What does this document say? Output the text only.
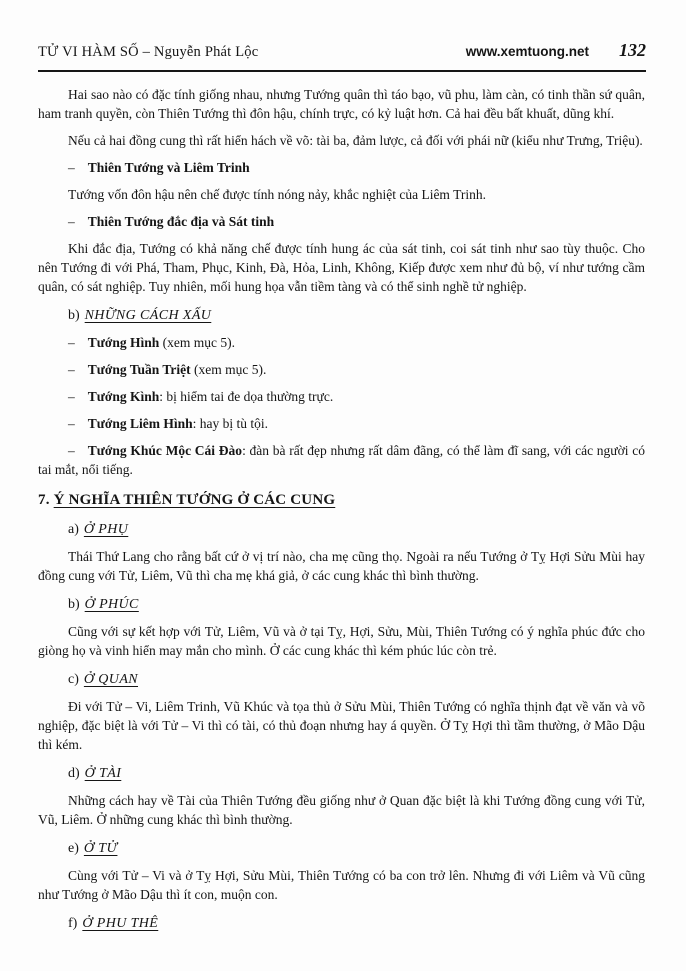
TỬ VI HÀM SỐ – Nguyễn Phát Lộc	www.xemtuong.net 132

Hai sao nào có đặc tính giống nhau, nhưng Tướng quân thì táo bạo, vũ phu, làm càn, có tinh thần sứ quân, ham tranh quyền, còn Thiên Tướng thì đôn hậu, chính trực, có kỷ luật hơn. Cả hai đều bất khuất, dũng khí.

Nếu cả hai đồng cung thì rất hiển hách về võ: tài ba, đảm lược, cả đối với phái nữ (kiểu như Trưng, Triệu).

– Thiên Tướng và Liêm Trinh

Tướng vốn đôn hậu nên chế được tính nóng nảy, khắc nghiệt của Liêm Trinh.

– Thiên Tướng đắc địa và Sát tinh

Khi đắc địa, Tướng có khả năng chế được tính hung ác của sát tinh, coi sát tinh như sao tùy thuộc. Cho nên Tướng đi với Phá, Tham, Phục, Kinh, Đà, Hỏa, Linh, Không, Kiếp được xem như đủ bộ, ví như tướng cầm quân, có sát nghiệp. Tuy nhiên, mối hung họa vẫn tiềm tàng và có thể sinh nghề tử nghiệp.

b) NHỮNG CÁCH XẤU

– Tướng Hình (xem mục 5).

– Tướng Tuần Triệt (xem mục 5).

– Tướng Kình: bị hiểm tai đe dọa thường trực.

– Tướng Liêm Hình: hay bị tù tội.

– Tướng Khúc Mộc Cái Đào: đàn bà rất đẹp nhưng rất dâm đãng, có thể làm đĩ sang, với các người có tai mắt, nổi tiếng.

7. Ý NGHĨA THIÊN TƯỚNG Ở CÁC CUNG

a) Ở PHỤ

Thái Thứ Lang cho rằng bất cứ ở vị trí nào, cha mẹ cũng thọ. Ngoài ra nếu Tướng ở Tỵ Hợi Sửu Mùi hay đồng cung với Tử, Liêm, Vũ thì cha mẹ khá giả, ở các cung khác thì bình thường.

b) Ở PHÚC

Cũng với sự kết hợp với Tử, Liêm, Vũ và ở tại Tỵ, Hợi, Sửu, Mùi, Thiên Tướng có ý nghĩa phúc đức cho giòng họ và vinh hiển may mắn cho mình. Ở các cung khác thì kém phúc lúc còn trẻ.

c) Ở QUAN

Đi với Tử – Vi, Liêm Trinh, Vũ Khúc và tọa thủ ở Sửu Mùi, Thiên Tướng có nghĩa thịnh đạt về văn và võ nghiệp, đặc biệt là với Tử – Vi thì có tài, có thủ đoạn nhưng hay á quyền. Ở Tỵ Hợi thì tầm thường, ở Mão Dậu thì kém.

d) Ở TÀI

Những cách hay về Tài của Thiên Tướng đều giống như ở Quan đặc biệt là khi Tướng đồng cung với Tử, Vũ, Liêm. Ở những cung khác thì bình thường.

e) Ở TỬ

Cùng với Tử – Vi và ở Tỵ Hợi, Sửu Mùi, Thiên Tướng có ba con trở lên. Nhưng đi với Liêm và Vũ cũng như Tướng ở Mão Dậu thì ít con, muộn con.

f) Ở PHU THÊ
